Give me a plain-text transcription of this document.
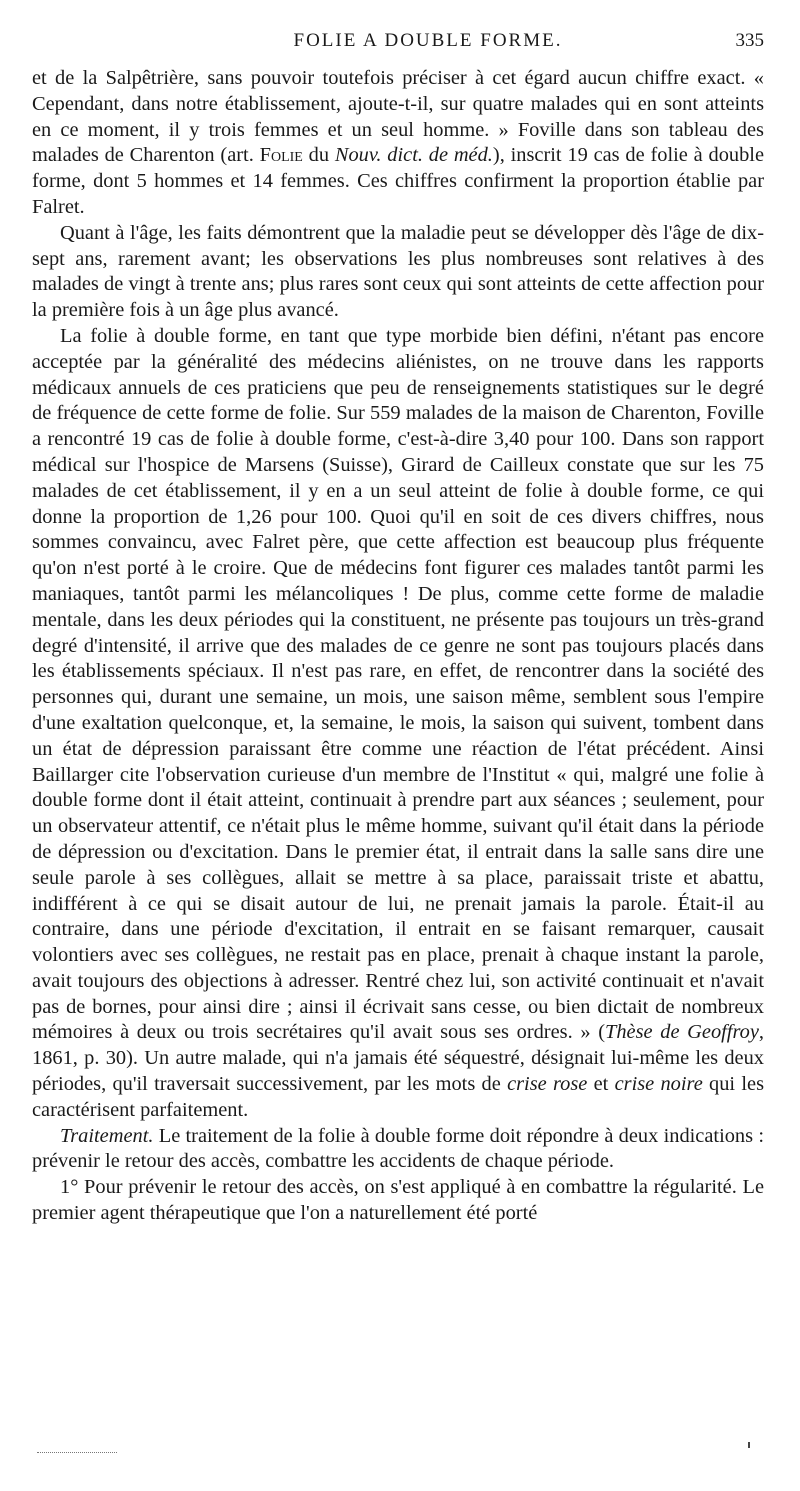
FOLIE A DOUBLE FORME.	335

et de la Salpêtrière, sans pouvoir toutefois préciser à cet égard aucun chiffre exact. « Cependant, dans notre établissement, ajoute-t-il, sur quatre malades qui en sont atteints en ce moment, il y trois femmes et un seul homme. » Foville dans son tableau des malades de Charenton (art. Folie du Nouv. dict. de méd.), inscrit 19 cas de folie à double forme, dont 5 hommes et 14 femmes. Ces chiffres confirment la proportion établie par Falret.

Quant à l'âge, les faits démontrent que la maladie peut se développer dès l'âge de dix-sept ans, rarement avant; les observations les plus nombreuses sont relatives à des malades de vingt à trente ans; plus rares sont ceux qui sont atteints de cette affection pour la première fois à un âge plus avancé.

La folie à double forme, en tant que type morbide bien défini, n'étant pas encore acceptée par la généralité des médecins aliénistes, on ne trouve dans les rapports médicaux annuels de ces praticiens que peu de renseignements statistiques sur le degré de fréquence de cette forme de folie. Sur 559 malades de la maison de Charenton, Foville a rencontré 19 cas de folie à double forme, c'est-à-dire 3,40 pour 100. Dans son rapport médical sur l'hospice de Marsens (Suisse), Girard de Cailleux constate que sur les 75 malades de cet établissement, il y en a un seul atteint de folie à double forme, ce qui donne la proportion de 1,26 pour 100. Quoi qu'il en soit de ces divers chiffres, nous sommes convaincu, avec Falret père, que cette affection est beaucoup plus fréquente qu'on n'est porté à le croire. Que de médecins font figurer ces malades tantôt parmi les maniaques, tantôt parmi les mélancoliques ! De plus, comme cette forme de maladie mentale, dans les deux périodes qui la constituent, ne présente pas toujours un très-grand degré d'intensité, il arrive que des malades de ce genre ne sont pas toujours placés dans les établissements spéciaux. Il n'est pas rare, en effet, de rencontrer dans la société des personnes qui, durant une semaine, un mois, une saison même, semblent sous l'empire d'une exaltation quelconque, et, la semaine, le mois, la saison qui suivent, tombent dans un état de dépression paraissant être comme une réaction de l'état précédent. Ainsi Baillarger cite l'observation curieuse d'un membre de l'Institut « qui, malgré une folie à double forme dont il était atteint, continuait à prendre part aux séances ; seulement, pour un observateur attentif, ce n'était plus le même homme, suivant qu'il était dans la période de dépression ou d'excitation. Dans le premier état, il entrait dans la salle sans dire une seule parole à ses collègues, allait se mettre à sa place, paraissait triste et abattu, indifférent à ce qui se disait autour de lui, ne prenait jamais la parole. Était-il au contraire, dans une période d'excitation, il entrait en se faisant remarquer, causait volontiers avec ses collègues, ne restait pas en place, prenait à chaque instant la parole, avait toujours des objections à adresser. Rentré chez lui, son activité continuait et n'avait pas de bornes, pour ainsi dire ; ainsi il écrivait sans cesse, ou bien dictait de nombreux mémoires à deux ou trois secrétaires qu'il avait sous ses ordres. » (Thèse de Geoffroy, 1861, p. 30). Un autre malade, qui n'a jamais été séquestré, désignait lui-même les deux périodes, qu'il traversait successivement, par les mots de crise rose et crise noire qui les caractérisent parfaitement.

Traitement. Le traitement de la folie à double forme doit répondre à deux indications : prévenir le retour des accès, combattre les accidents de chaque période.

1° Pour prévenir le retour des accès, on s'est appliqué à en combattre la régularité. Le premier agent thérapeutique que l'on a naturellement été porté
